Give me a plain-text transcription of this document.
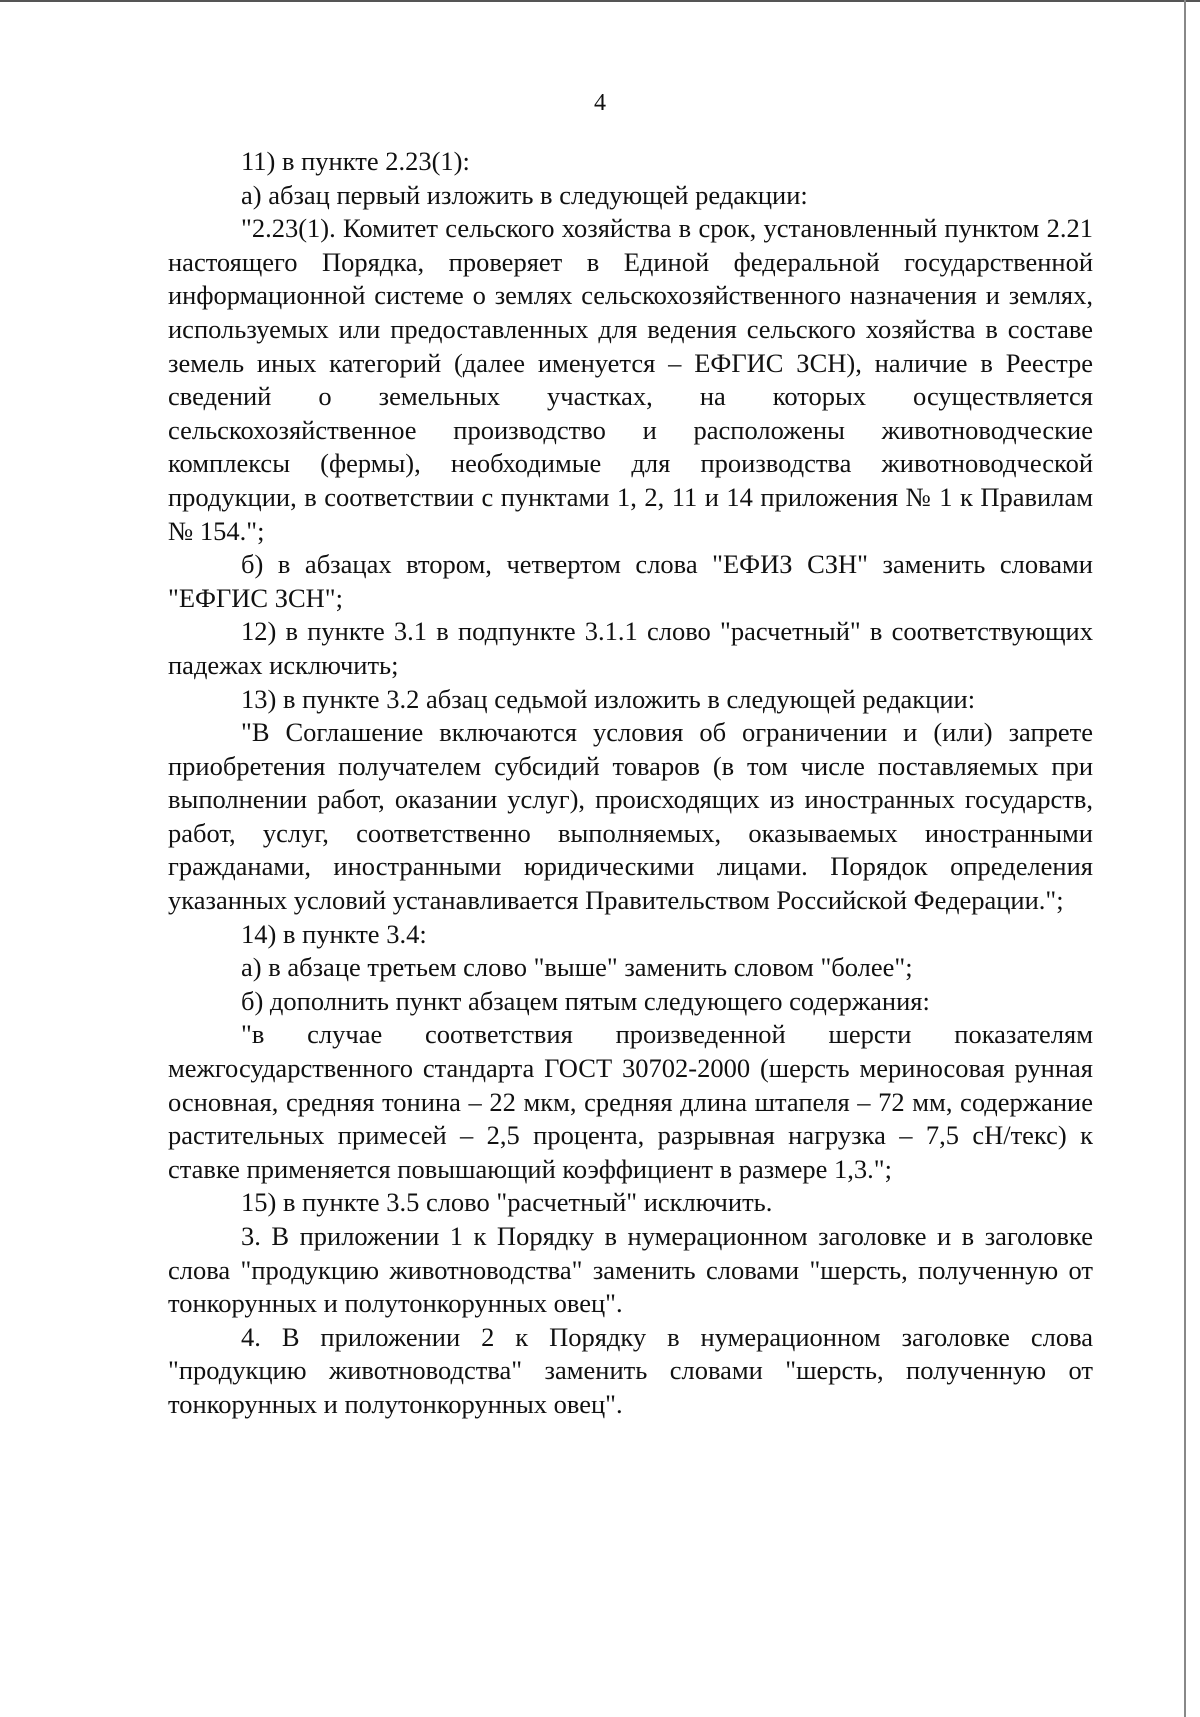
4

11) в пункте 2.23(1):

а) абзац первый изложить в следующей редакции:

"2.23(1). Комитет сельского хозяйства в срок, установленный пунктом 2.21 настоящего Порядка, проверяет в Единой федеральной государственной информационной системе о землях сельскохозяйственного назначения и землях, используемых или предоставленных для ведения сельского хозяйства в составе земель иных категорий (далее именуется – ЕФГИС ЗСН), наличие в Реестре сведений о земельных участках, на которых осуществляется сельскохозяйственное производство и расположены животноводческие комплексы (фермы), необходимые для производства животноводческой продукции, в соответствии с пунктами 1, 2, 11 и 14 приложения № 1 к Правилам № 154.";

б) в абзацах втором, четвертом слова "ЕФИЗ СЗН" заменить словами "ЕФГИС ЗСН";

12) в пункте 3.1 в подпункте 3.1.1 слово "расчетный" в соответствующих падежах исключить;

13) в пункте 3.2 абзац седьмой изложить в следующей редакции:

"В Соглашение включаются условия об ограничении и (или) запрете приобретения получателем субсидий товаров (в том числе поставляемых при выполнении работ, оказании услуг), происходящих из иностранных государств, работ, услуг, соответственно выполняемых, оказываемых иностранными гражданами, иностранными юридическими лицами. Порядок определения указанных условий устанавливается Правительством Российской Федерации.";

14) в пункте 3.4:

а) в абзаце третьем слово "выше" заменить словом "более";

б) дополнить пункт абзацем пятым следующего содержания:

"в случае соответствия произведенной шерсти показателям межгосударственного стандарта ГОСТ 30702-2000 (шерсть мериносовая рунная основная, средняя тонина – 22 мкм, средняя длина штапеля – 72 мм, содержание растительных примесей – 2,5 процента, разрывная нагрузка – 7,5 сН/текс) к ставке применяется повышающий коэффициент в размере 1,3.";

15) в пункте 3.5 слово "расчетный" исключить.

3. В приложении 1 к Порядку в нумерационном заголовке и в заголовке слова "продукцию животноводства" заменить словами "шерсть, полученную от тонкорунных и полутонкорунных овец".

4. В приложении 2 к Порядку в нумерационном заголовке слова "продукцию животноводства" заменить словами "шерсть, полученную от тонкорунных и полутонкорунных овец".
